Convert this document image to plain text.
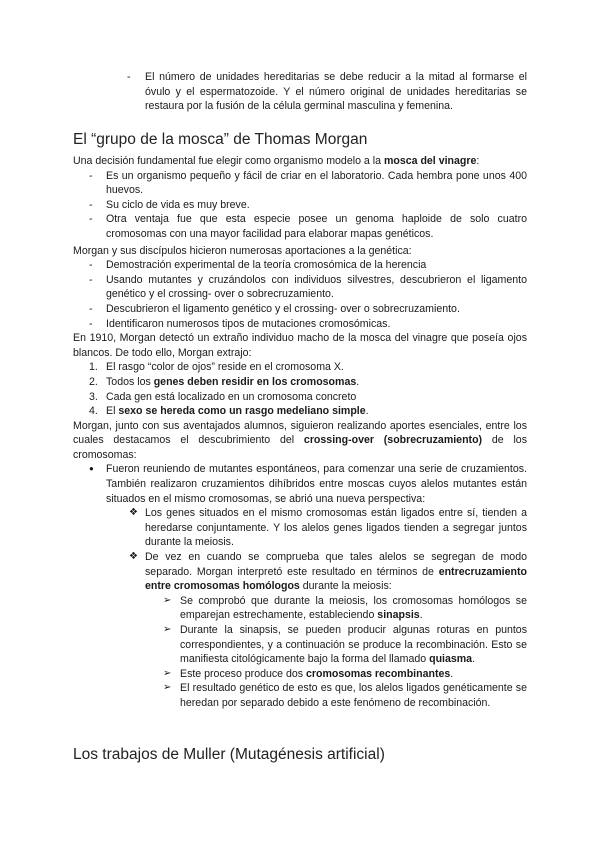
- El número de unidades hereditarias se debe reducir a la mitad al formarse el óvulo y el espermatozoide. Y el número original de unidades hereditarias se restaura por la fusión de la célula germinal masculina y femenina.
El “grupo de la mosca” de Thomas Morgan
Una decisión fundamental fue elegir como organismo modelo a la mosca del vinagre:
- Es un organismo pequeño y fácil de criar en el laboratorio. Cada hembra pone unos 400 huevos.
- Su ciclo de vida es muy breve.
- Otra ventaja fue que esta especie posee un genoma haploide de solo cuatro cromosomas con una mayor facilidad para elaborar mapas genéticos.
Morgan y sus discípulos hicieron numerosas aportaciones a la genética:
- Demostración experimental de la teoría cromosómica de la herencia
- Usando mutantes y cruzándolos con individuos silvestres, descubrieron el ligamento genético y el crossing- over o sobrecruzamiento.
- Descubrieron el ligamento genético y el crossing- over o sobrecruzamiento.
- Identificaron numerosos tipos de mutaciones cromosómicas.
En 1910, Morgan detectó un extraño individuo macho de la mosca del vinagre que poseía ojos blancos. De todo ello, Morgan extrajo:
1. El rasgo “color de ojos” reside en el cromosoma X.
2. Todos los genes deben residir en los cromosomas.
3. Cada gen está localizado en un cromosoma concreto
4. El sexo se hereda como un rasgo medeliano simple.
Morgan, junto con sus aventajados alumnos, siguieron realizando aportes esenciales, entre los cuales destacamos el descubrimiento del crossing-over (sobrecruzamiento) de los cromosomas:
● Fueron reuniendo de mutantes espontáneos, para comenzar una serie de cruzamientos. También realizaron cruzamientos dihíbridos entre moscas cuyos alelos mutantes están situados en el mismo cromosomas, se abrió una nueva perspectiva:
❖ Los genes situados en el mismo cromosomas están ligados entre sí, tienden a heredarse conjuntamente. Y los alelos genes ligados tienden a segregar juntos durante la meiosis.
❖ De vez en cuando se comprueba que tales alelos se segregan de modo separado. Morgan interpretó este resultado en términos de entrecruzamiento entre cromosomas homólogos durante la meiosis:
➢ Se comprobó que durante la meiosis, los cromosomas homólogos se emparejan estrechamente, estableciendo sinapsis.
➢ Durante la sinapsis, se pueden producir algunas roturas en puntos correspondientes, y a continuación se produce la recombinación. Esto se manifiesta citológicamente bajo la forma del llamado quiasma.
➢ Este proceso produce dos cromosomas recombinantes.
➢ El resultado genético de esto es que, los alelos ligados genéticamente se heredan por separado debido a este fenómeno de recombinación.
Los trabajos de Muller (Mutagénesis artificial)
